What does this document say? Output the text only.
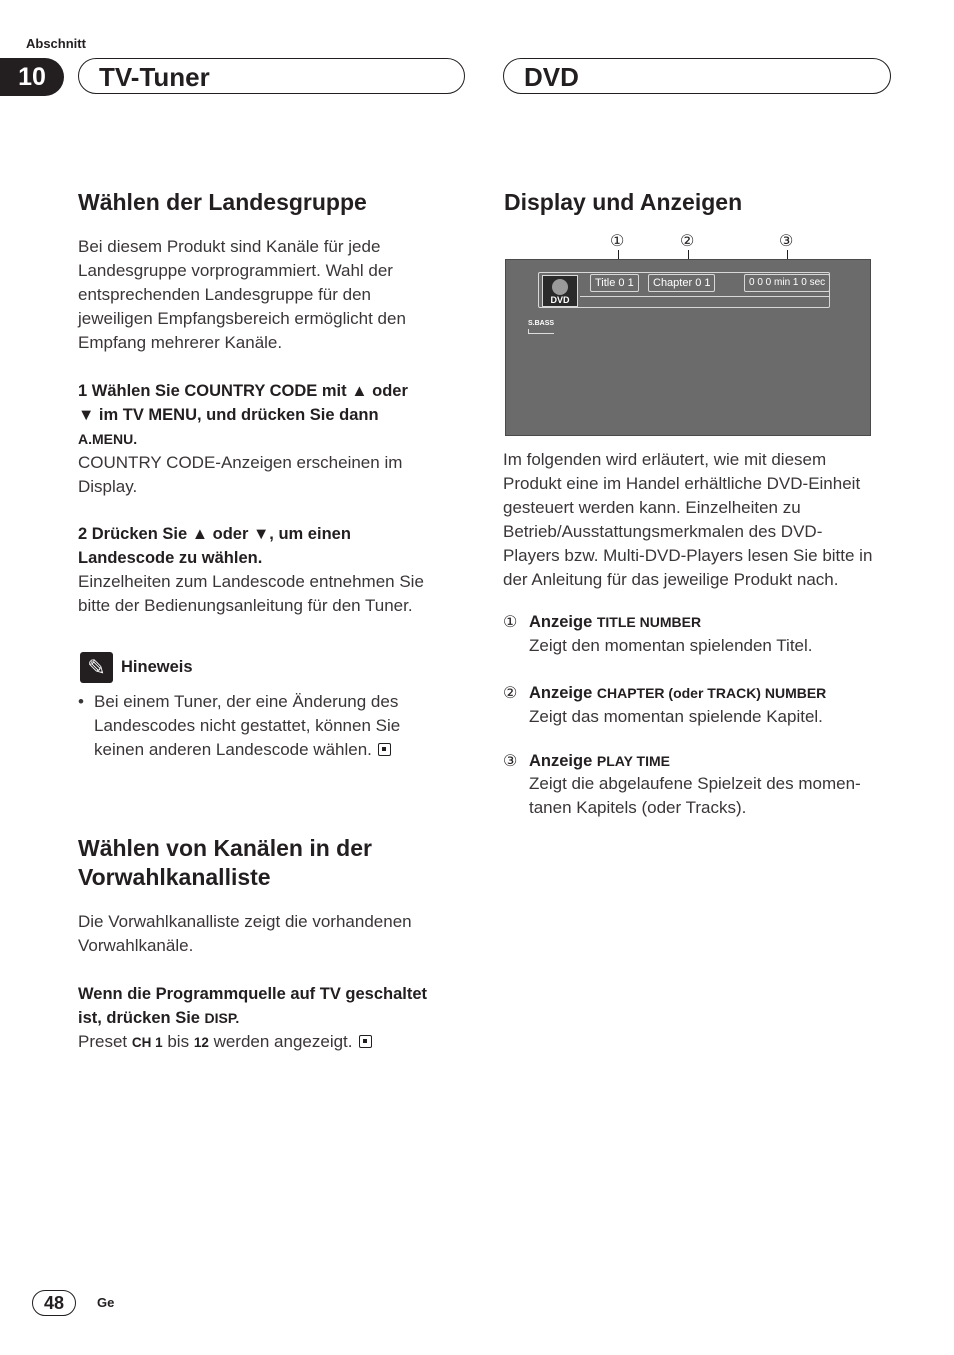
Abschnitt
10	TV-Tuner	DVD
Wählen der Landesgruppe
Bei diesem Produkt sind Kanäle für jede
Landesgruppe vorprogrammiert. Wahl der
entsprechenden Landesgruppe für den
jeweiligen Empfangsbereich ermöglicht den
Empfang mehrerer Kanäle.
1 Wählen Sie COUNTRY CODE mit ▲ oder
▼ im TV MENU, und drücken Sie dann
A.MENU.
COUNTRY CODE-Anzeigen erscheinen im
Display.
2 Drücken Sie ▲ oder ▼, um einen
Landescode zu wählen.
Einzelheiten zum Landescode entnehmen Sie
bitte der Bedienungsanleitung für den Tuner.
✎ Hineweis
• Bei einem Tuner, der eine Änderung des
Landescodes nicht gestattet, können Sie
keinen anderen Landescode wählen.
Wählen von Kanälen in der
Vorwahlkanalliste
Die Vorwahlkanalliste zeigt die vorhandenen
Vorwahlkanäle.
Wenn die Programmquelle auf TV geschaltet
ist, drücken Sie DISP.
Preset CH 1 bis 12 werden angezeigt.
Display und Anzeigen
①	②	③
DVD
Title 0 1	Chapter 0 1	0 0 0 min 1 0 sec
S.BASS
Im folgenden wird erläutert, wie mit diesem
Produkt eine im Handel erhältliche DVD-Einheit
gesteuert werden kann. Einzelheiten zu
Betrieb/Ausstattungsmerkmalen des DVD-
Players bzw. Multi-DVD-Players lesen Sie bitte in
der Anleitung für das jeweilige Produkt nach.
① Anzeige TITLE NUMBER
Zeigt den momentan spielenden Titel.
② Anzeige CHAPTER (oder TRACK) NUMBER
Zeigt das momentan spielende Kapitel.
③ Anzeige PLAY TIME
Zeigt die abgelaufene Spielzeit des momen-
tanen Kapitels (oder Tracks).
48	Ge
